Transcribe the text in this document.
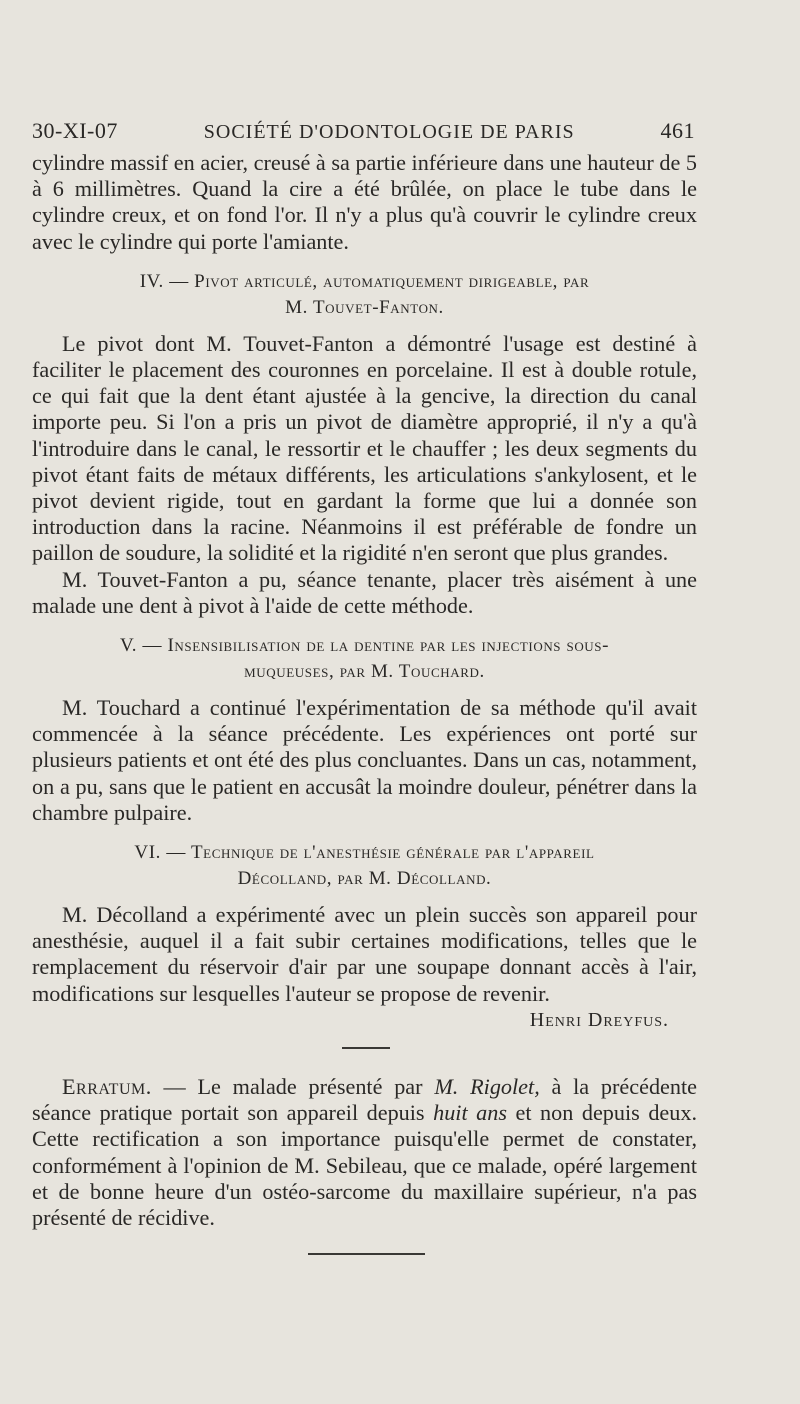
30-XI-07	SOCIÉTÉ D'ODONTOLOGIE DE PARIS	461

cylindre massif en acier, creusé à sa partie inférieure dans une hauteur de 5 à 6 millimètres. Quand la cire a été brûlée, on place le tube dans le cylindre creux, et on fond l'or. Il n'y a plus qu'à couvrir le cylindre creux avec le cylindre qui porte l'amiante.

IV. — Pivot articulé, automatiquement dirigeable, par

M. Touvet-Fanton.

Le pivot dont M. Touvet-Fanton a démontré l'usage est destiné à faciliter le placement des couronnes en porcelaine. Il est à double rotule, ce qui fait que la dent étant ajustée à la gencive, la direction du canal importe peu. Si l'on a pris un pivot de diamètre approprié, il n'y a qu'à l'introduire dans le canal, le ressortir et le chauffer ; les deux segments du pivot étant faits de métaux différents, les articulations s'ankylosent, et le pivot devient rigide, tout en gardant la forme que lui a donnée son introduction dans la racine. Néanmoins il est préférable de fondre un paillon de soudure, la solidité et la rigidité n'en seront que plus grandes.

M. Touvet-Fanton a pu, séance tenante, placer très aisément à une malade une dent à pivot à l'aide de cette méthode.

V. — Insensibilisation de la dentine par les injections sous-

muqueuses, par M. Touchard.

M. Touchard a continué l'expérimentation de sa méthode qu'il avait commencée à la séance précédente. Les expériences ont porté sur plusieurs patients et ont été des plus concluantes. Dans un cas, notamment, on a pu, sans que le patient en accusât la moindre douleur, pénétrer dans la chambre pulpaire.

VI. — Technique de l'anesthésie générale par l'appareil

Décolland, par M. Décolland.

M. Décolland a expérimenté avec un plein succès son appareil pour anesthésie, auquel il a fait subir certaines modifications, telles que le remplacement du réservoir d'air par une soupape donnant accès à l'air, modifications sur lesquelles l'auteur se propose de revenir.

Henri Dreyfus.

Erratum. — Le malade présenté par M. Rigolet, à la précédente séance pratique portait son appareil depuis huit ans et non depuis deux. Cette rectification a son importance puisqu'elle permet de constater, conformément à l'opinion de M. Sebileau, que ce malade, opéré largement et de bonne heure d'un ostéo-sarcome du maxillaire supérieur, n'a pas présenté de récidive.
